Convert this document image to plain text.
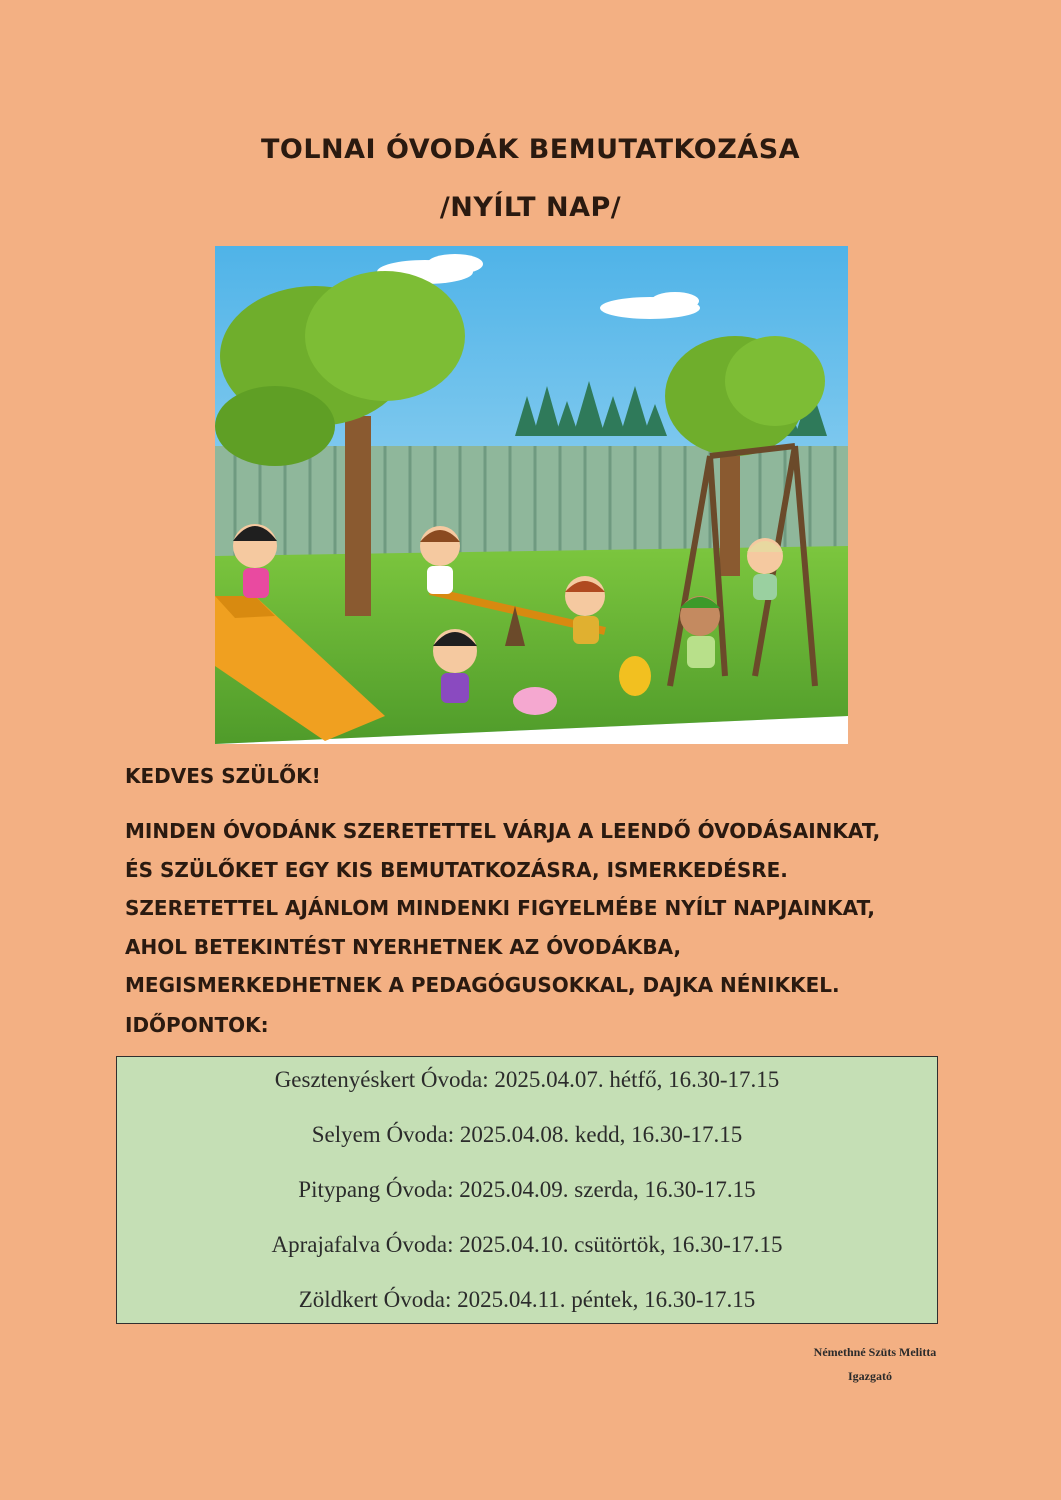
TOLNAI ÓVODÁK BEMUTATKOZÁSA
/NYÍLT NAP/
KEDVES SZÜLŐK!
MINDEN ÓVODÁNK SZERETETTEL VÁRJA A LEENDŐ ÓVODÁSAINKAT,
ÉS SZÜLŐKET EGY KIS BEMUTATKOZÁSRA, ISMERKEDÉSRE.
SZERETETTEL AJÁNLOM MINDENKI FIGYELMÉBE NYÍLT NAPJAINKAT,
AHOL BETEKINTÉST NYERHETNEK AZ ÓVODÁKBA,
MEGISMERKEDHETNEK A PEDAGÓGUSOKKAL, DAJKA NÉNIKKEL.
IDŐPONTOK:
Gesztenyéskert Óvoda: 2025.04.07. hétfő, 16.30-17.15
Selyem Óvoda: 2025.04.08. kedd, 16.30-17.15
Pitypang Óvoda: 2025.04.09. szerda, 16.30-17.15
Aprajafalva Óvoda: 2025.04.10. csütörtök, 16.30-17.15
Zöldkert Óvoda: 2025.04.11. péntek, 16.30-17.15
Némethné Szüts Melitta
Igazgató
